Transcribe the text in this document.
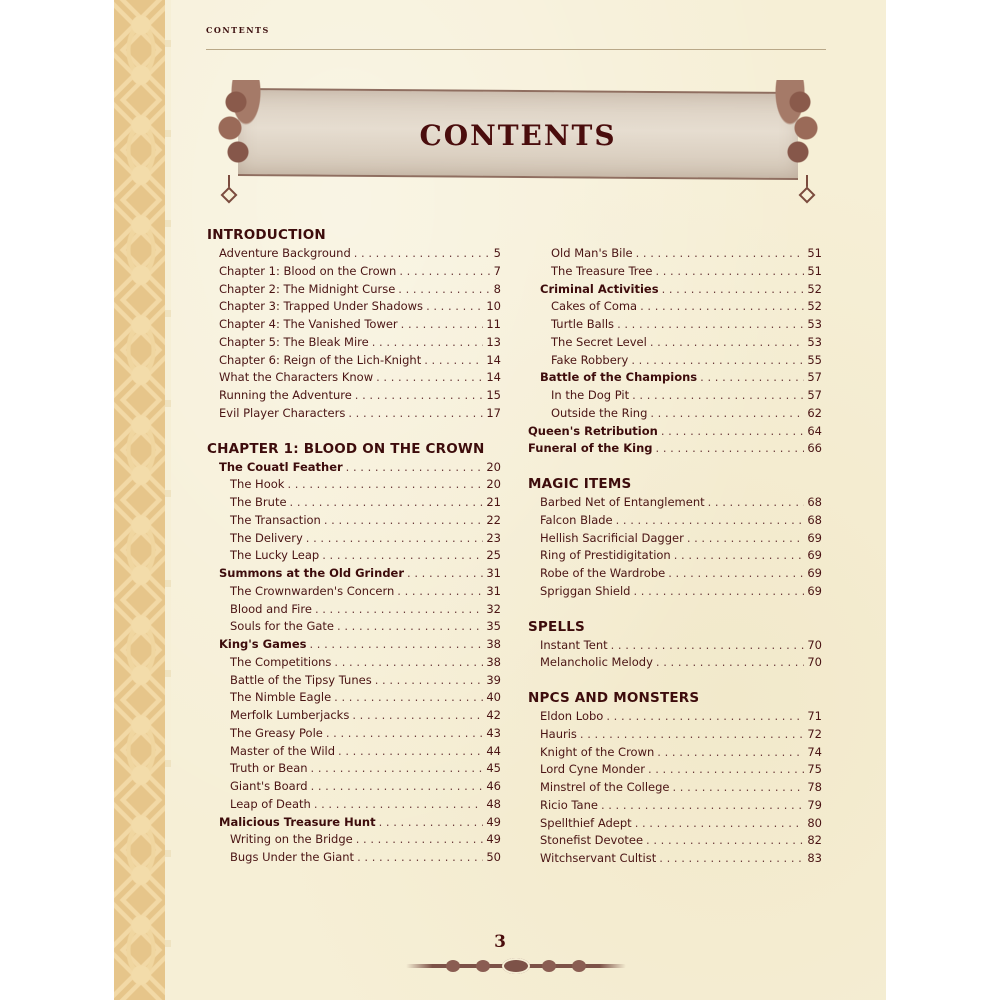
contents
contents
INTRODUCTION
Adventure Background . . .	5
Chapter 1: Blood on the Crown . . .	7
Chapter 2: The Midnight Curse . . .	8
Chapter 3: Trapped Under Shadows . . .	10
Chapter 4: The Vanished Tower . . .	11
Chapter 5: The Bleak Mire . . .	13
Chapter 6: Reign of the Lich-Knight . . .	14
What the Characters Know . . .	14
Running the Adventure . . .	15
Evil Player Characters . . .	17
CHAPTER 1: BLOOD ON THE CROWN
The Couatl Feather . . .	20
The Hook . . .	20
The Brute . . .	21
The Transaction . . .	22
The Delivery . . .	23
The Lucky Leap . . .	25
Summons at the Old Grinder . . .	31
The Crownwarden's Concern . . .	31
Blood and Fire . . .	32
Souls for the Gate . . .	35
King's Games . . .	38
The Competitions . . .	38
Battle of the Tipsy Tunes . . .	39
The Nimble Eagle . . .	40
Merfolk Lumberjacks . . .	42
The Greasy Pole . . .	43
Master of the Wild . . .	44
Truth or Bean . . .	45
Giant's Board . . .	46
Leap of Death . . .	48
Malicious Treasure Hunt . . .	49
Writing on the Bridge . . .	49
Bugs Under the Giant . . .	50
Old Man's Bile . . .	51
The Treasure Tree . . .	51
Criminal Activities . . .	52
Cakes of Coma . . .	52
Turtle Balls . . .	53
The Secret Level . . .	53
Fake Robbery . . .	55
Battle of the Champions . . .	57
In the Dog Pit . . .	57
Outside the Ring . . .	62
Queen's Retribution . . .	64
Funeral of the King . . .	66
MAGIC ITEMS
Barbed Net of Entanglement . . .	68
Falcon Blade . . .	68
Hellish Sacrificial Dagger . . .	69
Ring of Prestidigitation . . .	69
Robe of the Wardrobe . . .	69
Spriggan Shield . . .	69
SPELLS
Instant Tent . . .	70
Melancholic Melody . . .	70
NPCS AND MONSTERS
Eldon Lobo . . .	71
Hauris . . .	72
Knight of the Crown . . .	74
Lord Cyne Monder . . .	75
Minstrel of the College . . .	78
Ricio Tane . . .	79
Spellthief Adept . . .	80
Stonefist Devotee . . .	82
Witchservant Cultist . . .	83
3
